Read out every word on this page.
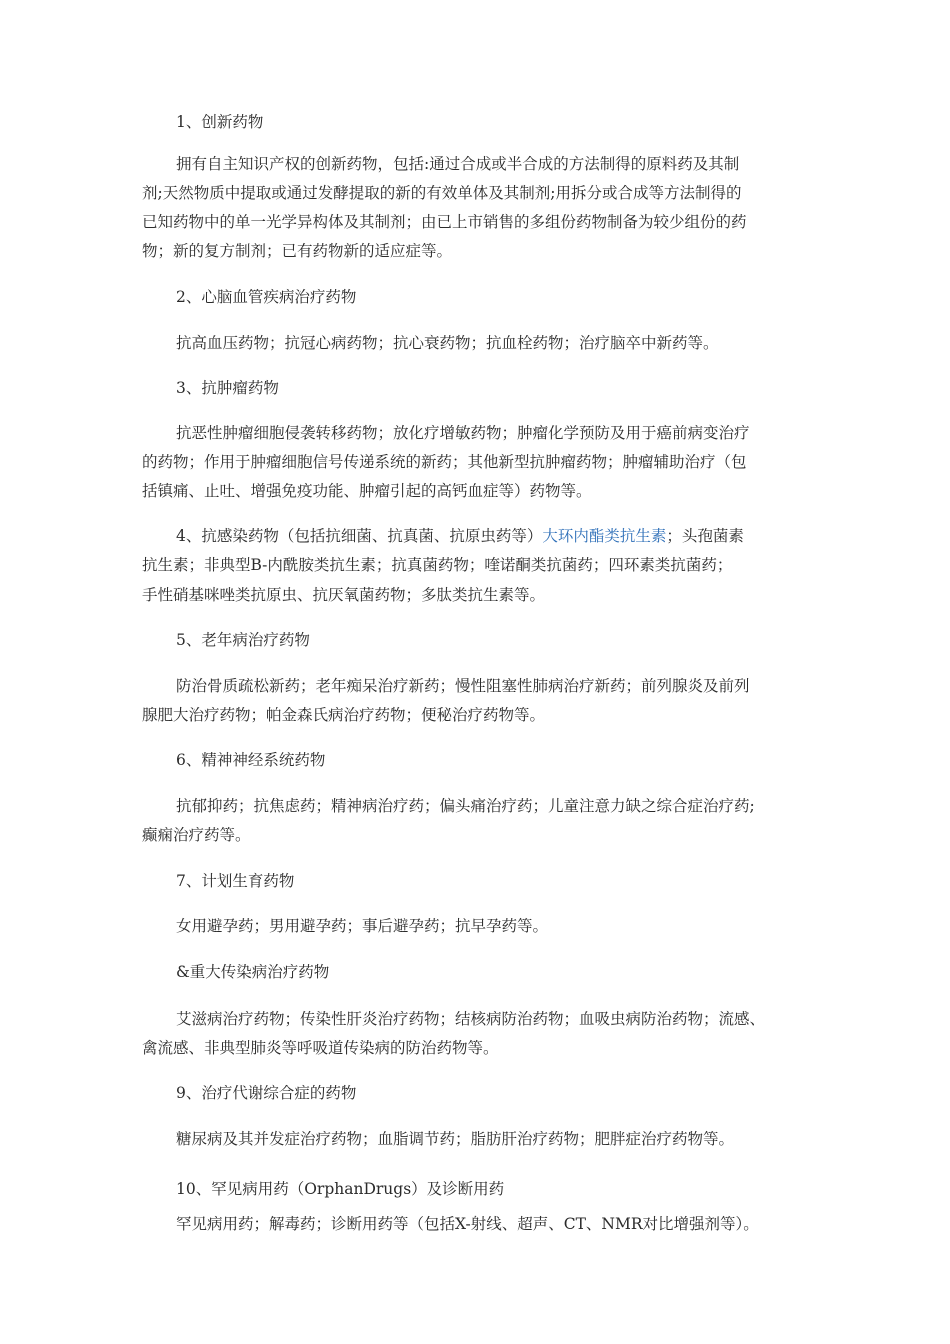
1、创新药物
拥有自主知识产权的创新药物，包括:通过合成或半合成的方法制得的原料药及其制
剂;天然物质中提取或通过发酵提取的新的有效单体及其制剂;用拆分或合成等方法制得的
已知药物中的单一光学异构体及其制剂；由已上市销售的多组份药物制备为较少组份的药
物；新的复方制剂；已有药物新的适应症等。
2、心脑血管疾病治疗药物
抗高血压药物；抗冠心病药物；抗心衰药物；抗血栓药物；治疗脑卒中新药等。
3、抗肿瘤药物
抗恶性肿瘤细胞侵袭转移药物；放化疗增敏药物；肿瘤化学预防及用于癌前病变治疗
的药物；作用于肿瘤细胞信号传递系统的新药；其他新型抗肿瘤药物；肿瘤辅助治疗（包
括镇痛、止吐、增强免疫功能、肿瘤引起的高钙血症等）药物等。
4、抗感染药物（包括抗细菌、抗真菌、抗原虫药等）大环内酯类抗生素；头孢菌素
抗生素；非典型B-内酰胺类抗生素；抗真菌药物；喹诺酮类抗菌药；四环素类抗菌药；
手性硝基咪唑类抗原虫、抗厌氧菌药物；多肽类抗生素等。
5、老年病治疗药物
防治骨质疏松新药；老年痴呆治疗新药；慢性阻塞性肺病治疗新药；前列腺炎及前列
腺肥大治疗药物；帕金森氏病治疗药物；便秘治疗药物等。
6、精神神经系统药物
抗郁抑药；抗焦虑药；精神病治疗药；偏头痛治疗药；儿童注意力缺之综合症治疗药;
癫痫治疗药等。
7、计划生育药物
女用避孕药；男用避孕药；事后避孕药；抗早孕药等。
&重大传染病治疗药物
艾滋病治疗药物；传染性肝炎治疗药物；结核病防治药物；血吸虫病防治药物；流感、
禽流感、非典型肺炎等呼吸道传染病的防治药物等。
9、治疗代谢综合症的药物
糖尿病及其并发症治疗药物；血脂调节药；脂肪肝治疗药物；肥胖症治疗药物等。
10、罕见病用药（OrphanDrugs）及诊断用药
罕见病用药；解毒药；诊断用药等（包括X-射线、超声、CT、NMR对比增强剂等）。
